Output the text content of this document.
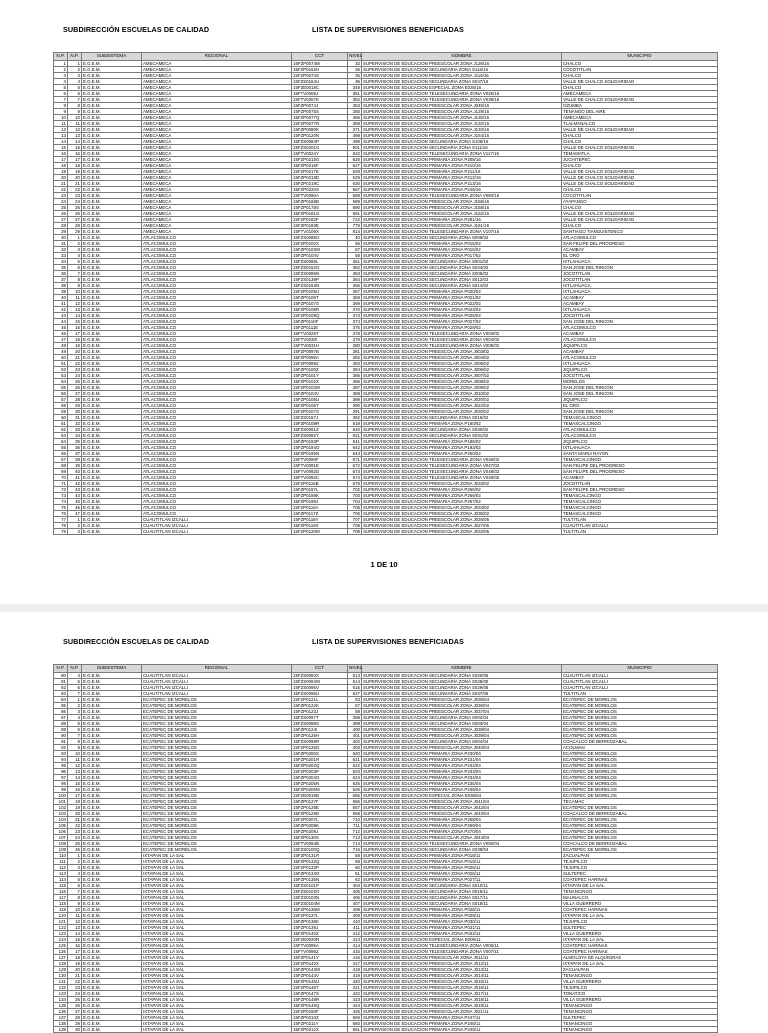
SUBDIRECCIÓN ESCUELAS DE CALIDAD	LISTA DE SUPERVISIONES BENEFICIADAS
N.P.	N.P.	SUBSISTEMA	REGIONAL	CCT	NIVEL	NOMBRE	MUNICIPIO
1	1	E.G.E.M.	AMECAMECA	15FZP0074M	32	SUPERVISION DE EDUCACION PREESCOLAR ZONA J126/16	CHALCO
2	2	E.G.E.M.	AMECAMECA	15FZP0162H	36	SUPERVISION DE EDUCACION SECUNDARIA ZONA S116/16	COCOTITLAN
3	3	E.G.E.M.	AMECAMECA	15FZP0074S	35	SUPERVISION DE EDUCACION PREESCOLAR ZONA J116/16	CHALCO
4	4	E.G.E.M.	AMECAMECA	15FZS0164U	36	SUPERVISION DE EDUCACION SECUNDARIA ZONA S047/16	VALLE DE CHALCO SOLIDARIDAD
5	5	E.G.E.M.	AMECAMECA	15FZE0018C	349	SUPERVISION DE EDUCACION ESPECIAL ZONA E035/16	CHALCO
6	6	E.G.E.M.	AMECAMECA	15FTV0005J	351	SUPERVISION DE EDUCACION TELESECUNDARIA ZONA V026/16	AMECAMECA
7	7	E.G.E.M.	AMECAMECA	15FTV0057K	352	SUPERVISION DE EDUCACION TELESECUNDARIA ZONA V038/16	VALLE DE CHALCO SOLIDARIDAD
8	8	E.G.E.M.	AMECAMECA	15FZP0074J	353	SUPERVISION DE EDUCACION PREESCOLAR ZONA J045/16	OZUMBA
9	9	E.G.E.M.	AMECAMECA	15FZP0075S	355	SUPERVISION DE EDUCACION PREESCOLAR ZONA J129/16	TENANGO DEL AIRE
10	10	E.G.E.M.	AMECAMECA	15FZP0077Q	356	SUPERVISION DE EDUCACION PREESCOLAR ZONA J130/16	AMECAMECA
11	11	E.G.E.M.	AMECAMECA	15FZP0077N	359	SUPERVISION DE EDUCACION PREESCOLAR ZONA J132/16	TLALMANALCO
12	12	E.G.E.M.	AMECAMECA	15FZP0080K	371	SUPERVISION DE EDUCACION PREESCOLAR ZONA J133/16	VALLE DE CHALCO SOLIDARIDAD
13	13	E.G.E.M.	AMECAMECA	15FZP0120N	498	SUPERVISION DE EDUCACION PREESCOLAR ZONA J154/16	CHALCO
14	14	E.G.E.M.	AMECAMECA	15FZS0084P	499	SUPERVISION DE EDUCACION SECUNDARIA ZONA S108/16	CHALCO
15	15	E.G.E.M.	AMECAMECA	15FZS0201G	601	SUPERVISION DE EDUCACION SECUNDARIA ZONA S111/16	VALLE DE CHALCO SOLIDARIDAD
16	16	E.G.E.M.	AMECAMECA	15FTV0024Y	622	SUPERVISION DE EDUCACION TELESECUNDARIA ZONA V117/16	TEMAMATLA
17	17	E.G.E.M.	AMECAMECA	15FZP0215G	626	SUPERVISION DE EDUCACION PRIMARIA ZONA P208/16	JUCHITEPEC
18	18	E.G.E.M.	AMECAMECA	15FZP0216F	627	SUPERVISION DE EDUCACION PRIMARIA ZONA P210/16	CHALCO
19	19	E.G.E.M.	AMECAMECA	15FZP0217E	628	SUPERVISION DE EDUCACION PRIMARIA ZONA P211/16	VALLE DE CHALCO SOLIDARIDAD
20	20	E.G.E.M.	AMECAMECA	15FZP0218D	629	SUPERVISION DE EDUCACION PRIMARIA ZONA P212/16	VALLE DE CHALCO SOLIDARIDAD
21	21	E.G.E.M.	AMECAMECA	15FZP0219C	630	SUPERVISION DE EDUCACION PRIMARIA ZONA P213/16	VALLE DE CHALCO SOLIDARIDAD
22	22	E.G.E.M.	AMECAMECA	15FZP0220S	657	SUPERVISION DE EDUCACION PRIMARIA ZONA P246/16	CHALCO
23	23	E.G.E.M.	AMECAMECA	15FTV0090A	688	SUPERVISION DE EDUCACION TELESECUNDARIA ZONA V060/16	COCOTITLAN
24	24	E.G.E.M.	AMECAMECA	15FZP0168B	689	SUPERVISION DE EDUCACION PREESCOLAR ZONA J156/16	AYAPANGO
25	25	E.G.E.M.	AMECAMECA	15FZP0178S	690	SUPERVISION DE EDUCACION PREESCOLAR ZONA J158/16	CHALCO
26	26	E.G.E.M.	AMECAMECA	15FZP0181G	691	SUPERVISION DE EDUCACION PREESCOLAR ZONA J162/16	VALLE DE CHALCO SOLIDARIDAD
27	27	E.G.E.M.	AMECAMECA	15FZP0182F	722	SUPERVISION DE EDUCACION PRIMARIA ZONA P281/16	VALLE DE CHALCO SOLIDARIDAD
28	28	E.G.E.M.	AMECAMECA	15FZP0183E	779	SUPERVISION DE EDUCACION PREESCOLAR ZONA J161/16	CHALCO
29	29	E.G.E.M.	AMECAMECA	15FTV0109X	814	SUPERVISION DE EDUCACION TELESECUNDARIA ZONA V107/16	SANTIAGO TIANGUISTENCO
30	1	E.G.E.M.	ATLACOMULCO	15FZS0085O	40	SUPERVISION DE EDUCACION SECUNDARIA ZONA S006/02	ATLACOMULCO
31	2	E.G.E.M.	ATLACOMULCO	15FZP0102X	56	SUPERVISION DE EDUCACION PRIMARIA ZONA P015/02	SAN FELIPE DEL PROGRESO
32	3	E.G.E.M.	ATLACOMULCO	15FZP0103W	57	SUPERVISION DE EDUCACION PRIMARIA ZONA P016/02	ACAMBAY
33	4	E.G.E.M.	ATLACOMULCO	15FZP0104V	58	SUPERVISION DE EDUCACION PRIMARIA ZONA P017/02	EL ORO
34	5	E.G.E.M.	ATLACOMULCO	15FZS0088L	361	SUPERVISION DE EDUCACION SECUNDARIA ZONA S001/02	IXTLAHUACA
35	6	E.G.E.M.	ATLACOMULCO	15FZS0152O	362	SUPERVISION DE EDUCACION SECUNDARIA ZONA S044/02	SAN JOSE DEL RINCON
36	7	E.G.E.M.	ATLACOMULCO	15FZS0086N	363	SUPERVISION DE EDUCACION SECUNDARIA ZONA S006/02	JOCOTITLAN
37	8	E.G.E.M.	ATLACOMULCO	15FZS0139P	364	SUPERVISION DE EDUCACION SECUNDARIA ZONA S012/02	JOCOTITLAN
38	9	E.G.E.M.	ATLACOMULCO	15FZS0153N	365	SUPERVISION DE EDUCACION SECUNDARIA ZONA S014/02	IXTLAHUACA
39	10	E.G.E.M.	ATLACOMULCO	15FZP0105U	367	SUPERVISION DE EDUCACION PRIMARIA ZONA P020/02	IXTLAHUACA
40	11	E.G.E.M.	ATLACOMULCO	15FZP0106T	368	SUPERVISION DE EDUCACION PRIMARIA ZONA P021/02	ACAMBAY
41	12	E.G.E.M.	ATLACOMULCO	15FZP0107S	369	SUPERVISION DE EDUCACION PRIMARIA ZONA P022/02	ACAMBAY
42	13	E.G.E.M.	ATLACOMULCO	15FZP0108R	370	SUPERVISION DE EDUCACION PRIMARIA ZONA P023/02	IXTLAHUACA
43	14	E.G.E.M.	ATLACOMULCO	15FZP0109Q	373	SUPERVISION DE EDUCACION PRIMARIA ZONA P026/02	JOCOTITLAN
44	15	E.G.E.M.	ATLACOMULCO	15FZP0110F	374	SUPERVISION DE EDUCACION PRIMARIA ZONA P027/02	SAN JOSE DEL RINCON
45	16	E.G.E.M.	ATLACOMULCO	15FZP0111E	375	SUPERVISION DE EDUCACION PRIMARIA ZONA P029/02	ATLACOMULCO
46	17	E.G.E.M.	ATLACOMULCO	15FTV0029T	378	SUPERVISION DE EDUCACION TELESECUNDARIA ZONA V003/02	ACAMBAY
47	18	E.G.E.M.	ATLACOMULCO	15FTV0030I	379	SUPERVISION DE EDUCACION TELESECUNDARIA ZONA V004/02	ATLACOMULCO
48	19	E.G.E.M.	ATLACOMULCO	15FTV0031H	380	SUPERVISION DE EDUCACION TELESECUNDARIA ZONA V005/02	JIQUIPILCO
49	20	E.G.E.M.	ATLACOMULCO	15FZP0097B	381	SUPERVISION DE EDUCACION PREESCOLAR ZONA J003/02	ACAMBAY
50	21	E.G.E.M.	ATLACOMULCO	15FZP0098A	382	SUPERVISION DE EDUCACION PREESCOLAR ZONA J004/02	ATLACOMULCO
51	22	E.G.E.M.	ATLACOMULCO	15FZP0099Z	383	SUPERVISION DE EDUCACION PREESCOLAR ZONA J005/02	IXTLAHUACA
52	23	E.G.E.M.	ATLACOMULCO	15FZP0100Z	384	SUPERVISION DE EDUCACION PREESCOLAR ZONA J006/02	JIQUIPILCO
53	24	E.G.E.M.	ATLACOMULCO	15FZP0101Y	385	SUPERVISION DE EDUCACION PREESCOLAR ZONA J007/02	JOCOTITLAN
54	25	E.G.E.M.	ATLACOMULCO	15FZP0102X	386	SUPERVISION DE EDUCACION PREESCOLAR ZONA J008/02	MORELOS
55	26	E.G.E.M.	ATLACOMULCO	15FZP0103W	387	SUPERVISION DE EDUCACION PREESCOLAR ZONA J009/02	SAN JOSE DEL RINCON
56	27	E.G.E.M.	ATLACOMULCO	15FZP0104V	388	SUPERVISION DE EDUCACION PREESCOLAR ZONA J010/02	SAN JOSE DEL RINCON
57	28	E.G.E.M.	ATLACOMULCO	15FZP0105U	389	SUPERVISION DE EDUCACION PREESCOLAR ZONA J020/02	JIQUIPILCO
58	29	E.G.E.M.	ATLACOMULCO	15FZP0106T	390	SUPERVISION DE EDUCACION PREESCOLAR ZONA J022/02	EL ORO
59	30	E.G.E.M.	ATLACOMULCO	15FZP0107S	391	SUPERVISION DE EDUCACION PREESCOLAR ZONA J030/02	SAN JOSE DEL RINCON
60	31	E.G.E.M.	ATLACOMULCO	15FZS0157J	392	SUPERVISION DE EDUCACION SECUNDARIA ZONA S016/02	TEMASCALCINGO
61	32	E.G.E.M.	ATLACOMULCO	15FZP0108R	619	SUPERVISION DE EDUCACION PRIMARIA ZONA P160/02	TEMASCALCINGO
62	33	E.G.E.M.	ATLACOMULCO	15FZS0091Z	620	SUPERVISION DE EDUCACION SECUNDARIA ZONA S030/02	ATLACOMULCO
63	34	E.G.E.M.	ATLACOMULCO	15FZS0092Y	621	SUPERVISION DE EDUCACION SECUNDARIA ZONA S031/02	ATLACOMULCO
64	35	E.G.E.M.	ATLACOMULCO	15FZP0193P	641	SUPERVISION DE EDUCACION PRIMARIA ZONA P186/02	JIQUIPILCO
65	36	E.G.E.M.	ATLACOMULCO	15FZP0194O	642	SUPERVISION DE EDUCACION PRIMARIA ZONA P193/02	IXTLAHUACA
66	37	E.G.E.M.	ATLACOMULCO	15FZP0195N	643	SUPERVISION DE EDUCACION PRIMARIA ZONA P250/02	SANTA MARIA RAYON
67	38	E.G.E.M.	ATLACOMULCO	15FTV0090F	671	SUPERVISION DE EDUCACION TELESECUNDARIA ZONA V046/02	TEMASCALCINGO
68	39	E.G.E.M.	ATLACOMULCO	15FTV0091E	672	SUPERVISION DE EDUCACION TELESECUNDARIA ZONA V047/02	SAN FELIPE DEL PROGRESO
69	40	E.G.E.M.	ATLACOMULCO	15FTV0092D	673	SUPERVISION DE EDUCACION TELESECUNDARIA ZONA V048/02	SAN FELIPE DEL PROGRESO
70	41	E.G.E.M.	ATLACOMULCO	15FTV0093C	674	SUPERVISION DE EDUCACION TELESECUNDARIA ZONA V049/02	ACAMBAY
71	42	E.G.E.M.	ATLACOMULCO	15FZP0115B	675	SUPERVISION DE EDUCACION PREESCOLAR ZONA J033/02	JOCOTITLAN
72	43	E.G.E.M.	ATLACOMULCO	15FZP0197L	702	SUPERVISION DE EDUCACION PRIMARIA ZONA P265/02	SAN FELIPE DEL PROGRESO
73	44	E.G.E.M.	ATLACOMULCO	15FZP0198K	703	SUPERVISION DE EDUCACION PRIMARIA ZONA P266/02	TEMASCALCINGO
74	45	E.G.E.M.	ATLACOMULCO	15FZP0199J	704	SUPERVISION DE EDUCACION PRIMARIA ZONA P267/02	TEMASCALCINGO
75	46	E.G.E.M.	ATLACOMULCO	15FZP0116A	705	SUPERVISION DE EDUCACION PREESCOLAR ZONA J034/02	TEMASCALCINGO
76	47	E.G.E.M.	ATLACOMULCO	15FZP0117Z	706	SUPERVISION DE EDUCACION PREESCOLAR ZONA J035/02	TEMASCALCINGO
77	1	E.G.E.M.	CUAUTITLAN IZCALLI	15FZP0118Y	707	SUPERVISION DE EDUCACION PREESCOLAR ZONA J026/05	TULTITLAN
78	2	E.G.E.M.	CUAUTITLAN IZCALLI	15FZP0119X	708	SUPERVISION DE EDUCACION PREESCOLAR ZONA J027/05	CUAUTITLAN IZCALLI
79	3	E.G.E.M.	CUAUTITLAN IZCALLI	15FZP0120M	709	SUPERVISION DE EDUCACION PREESCOLAR ZONA J032/05	TULTITLAN
1 DE 10
SUBDIRECCIÓN ESCUELAS DE CALIDAD	LISTA DE SUPERVISIONES BENEFICIADAS
N.P.	N.P.	SUBSISTEMA	REGIONAL	CCT	NIVEL	NOMBRE	MUNICIPIO
80	4	E.G.E.M.	CUAUTITLAN IZCALLI	15FZS0093X	613	SUPERVISION DE EDUCACION SECUNDARIA ZONA S020/05	CUAUTITLAN IZCALLI
81	5	E.G.E.M.	CUAUTITLAN IZCALLI	15FZS0094W	614	SUPERVISION DE EDUCACION SECUNDARIA ZONA S028/05	CUAUTITLAN IZCALLI
82	6	E.G.E.M.	CUAUTITLAN IZCALLI	15FZS0095V	615	SUPERVISION DE EDUCACION SECUNDARIA ZONA S029/05	CUAUTITLAN IZCALLI
83	7	E.G.E.M.	CUAUTITLAN IZCALLI	15FZS0096U	627	SUPERVISION DE EDUCACION SECUNDARIA ZONA S037/05	TULTITLAN
84	1	E.G.E.M.	ECATEPEC DE MORELOS	15FZP0121L	53	SUPERVISION DE EDUCACION PREESCOLAR ZONA J035/04	ECATEPEC DE MORELOS
85	2	E.G.E.M.	ECATEPEC DE MORELOS	15FZP0122K	57	SUPERVISION DE EDUCACION PREESCOLAR ZONA J036/04	ECATEPEC DE MORELOS
86	3	E.G.E.M.	ECATEPEC DE MORELOS	15FZP0123J	59	SUPERVISION DE EDUCACION PREESCOLAR ZONA J037/04	ECATEPEC DE MORELOS
87	4	E.G.E.M.	ECATEPEC DE MORELOS	15FZS0097T	398	SUPERVISION DE EDUCACION SECUNDARIA ZONA S002/04	ECATEPEC DE MORELOS
88	5	E.G.E.M.	ECATEPEC DE MORELOS	15FZS0098S	399	SUPERVISION DE EDUCACION SECUNDARIA ZONA S003/04	ECATEPEC DE MORELOS
89	6	E.G.E.M.	ECATEPEC DE MORELOS	15FZP0124I	400	SUPERVISION DE EDUCACION PREESCOLAR ZONA J038/04	ECATEPEC DE MORELOS
90	7	E.G.E.M.	ECATEPEC DE MORELOS	15FZP0125H	401	SUPERVISION DE EDUCACION PREESCOLAR ZONA J039/04	ECATEPEC DE MORELOS
91	8	E.G.E.M.	ECATEPEC DE MORELOS	15FZS0099R	402	SUPERVISION DE EDUCACION SECUNDARIA ZONA S004/04	COACALCO DE BERRIOZABAL
92	9	E.G.E.M.	ECATEPEC DE MORELOS	15FZP0126G	403	SUPERVISION DE EDUCACION PREESCOLAR ZONA J040/04	ACOLMAN
93	10	E.G.E.M.	ECATEPEC DE MORELOS	15FZP0200S	620	SUPERVISION DE EDUCACION PRIMARIA ZONA P230/04	ECATEPEC DE MORELOS
94	11	E.G.E.M.	ECATEPEC DE MORELOS	15FZP0201R	621	SUPERVISION DE EDUCACION PRIMARIA ZONA P231/04	ECATEPEC DE MORELOS
95	12	E.G.E.M.	ECATEPEC DE MORELOS	15FZP0202Q	622	SUPERVISION DE EDUCACION PRIMARIA ZONA P232/04	ECATEPEC DE MORELOS
96	13	E.G.E.M.	ECATEPEC DE MORELOS	15FZP0203P	623	SUPERVISION DE EDUCACION PRIMARIA ZONA P233/04	ECATEPEC DE MORELOS
97	14	E.G.E.M.	ECATEPEC DE MORELOS	15FZP0204O	624	SUPERVISION DE EDUCACION PRIMARIA ZONA P234/04	ECATEPEC DE MORELOS
98	15	E.G.E.M.	ECATEPEC DE MORELOS	15FZP0205N	625	SUPERVISION DE EDUCACION PRIMARIA ZONA P235/04	ECATEPEC DE MORELOS
99	16	E.G.E.M.	ECATEPEC DE MORELOS	15FZP0206M	626	SUPERVISION DE EDUCACION PRIMARIA ZONA P236/04	ECATEPEC DE MORELOS
100	17	E.G.E.M.	ECATEPEC DE MORELOS	15FZE0019B	655	SUPERVISION DE EDUCACION ESPECIAL ZONA E036/04	ECATEPEC DE MORELOS
101	18	E.G.E.M.	ECATEPEC DE MORELOS	15FZP0127F	656	SUPERVISION DE EDUCACION PREESCOLAR ZONA J041/04	TECAMAC
102	19	E.G.E.M.	ECATEPEC DE MORELOS	15FZP0128E	657	SUPERVISION DE EDUCACION PREESCOLAR ZONA J042/04	ECATEPEC DE MORELOS
103	20	E.G.E.M.	ECATEPEC DE MORELOS	15FZP0129D	658	SUPERVISION DE EDUCACION PREESCOLAR ZONA J043/04	COACALCO DE BERRIOZABAL
104	21	E.G.E.M.	ECATEPEC DE MORELOS	15FZP0207L	710	SUPERVISION DE EDUCACION PRIMARIA ZONA P268/04	ECATEPEC DE MORELOS
105	22	E.G.E.M.	ECATEPEC DE MORELOS	15FZP0208K	711	SUPERVISION DE EDUCACION PRIMARIA ZONA P269/04	ECATEPEC DE MORELOS
106	23	E.G.E.M.	ECATEPEC DE MORELOS	15FZP0209J	712	SUPERVISION DE EDUCACION PRIMARIA ZONA P270/04	ECATEPEC DE MORELOS
107	24	E.G.E.M.	ECATEPEC DE MORELOS	15FZP0130S	713	SUPERVISION DE EDUCACION PREESCOLAR ZONA J044/04	ECATEPEC DE MORELOS
108	25	E.G.E.M.	ECATEPEC DE MORELOS	15FTV0094B	714	SUPERVISION DE EDUCACION TELESECUNDARIA ZONA V050/04	COACALCO DE BERRIOZABAL
109	26	E.G.E.M.	ECATEPEC DE MORELOS	15FZS0100Q	715	SUPERVISION DE EDUCACION SECUNDARIA ZONA S039/04	ECATEPEC DE MORELOS
110	1	E.G.E.M.	IXTAPAN DE LA SAL	15FZP0131R	58	SUPERVISION DE EDUCACION PRIMARIA ZONA P018/11	ZACUALPAN
111	2	E.G.E.M.	IXTAPAN DE LA SAL	15FZP0132Q	59	SUPERVISION DE EDUCACION PRIMARIA ZONA P019/11	TEJUPILCO
112	3	E.G.E.M.	IXTAPAN DE LA SAL	15FZP0133P	60	SUPERVISION DE EDUCACION PRIMARIA ZONA P025/11	TEJUPILCO
113	4	E.G.E.M.	IXTAPAN DE LA SAL	15FZP0134O	61	SUPERVISION DE EDUCACION PRIMARIA ZONA P026/11	SULTEPEC
114	5	E.G.E.M.	IXTAPAN DE LA SAL	15FZP0135N	62	SUPERVISION DE EDUCACION PRIMARIA ZONA P027/11	COATEPEC HARINAS
115	6	E.G.E.M.	IXTAPAN DE LA SAL	15FZS0101P	404	SUPERVISION DE EDUCACION SECUNDARIA ZONA S010/11	IXTAPAN DE LA SAL
116	7	E.G.E.M.	IXTAPAN DE LA SAL	15FZS0102O	405	SUPERVISION DE EDUCACION SECUNDARIA ZONA S015/11	TENANCINGO
117	8	E.G.E.M.	IXTAPAN DE LA SAL	15FZS0103N	406	SUPERVISION DE EDUCACION SECUNDARIA ZONA S017/11	MALINALCO
118	9	E.G.E.M.	IXTAPAN DE LA SAL	15FZS0104M	407	SUPERVISION DE EDUCACION SECUNDARIA ZONA S018/11	VILLA GUERRERO
119	10	E.G.E.M.	IXTAPAN DE LA SAL	15FZP0136M	408	SUPERVISION DE EDUCACION PRIMARIA ZONA P028/11	COATEPEC HARINAS
120	11	E.G.E.M.	IXTAPAN DE LA SAL	15FZP0137L	409	SUPERVISION DE EDUCACION PRIMARIA ZONA P029/11	IXTAPAN DE LA SAL
121	12	E.G.E.M.	IXTAPAN DE LA SAL	15FZP0138K	410	SUPERVISION DE EDUCACION PRIMARIA ZONA P030/11	TEJUPILCO
122	13	E.G.E.M.	IXTAPAN DE LA SAL	15FZP0139J	411	SUPERVISION DE EDUCACION PRIMARIA ZONA P031/11	SULTEPEC
123	14	E.G.E.M.	IXTAPAN DE LA SAL	15FZP0140Z	412	SUPERVISION DE EDUCACION PRIMARIA ZONA P032/11	VILLA GUERRERO
124	15	E.G.E.M.	IXTAPAN DE LA SAL	15FZE0020R	413	SUPERVISION DE EDUCACION ESPECIAL ZONA E009/11	IXTAPAN DE LA SAL
125	16	E.G.E.M.	IXTAPAN DE LA SAL	15FTV0095A	414	SUPERVISION DE EDUCACION TELESECUNDARIA ZONA V006/11	COATEPEC HARINAS
126	17	E.G.E.M.	IXTAPAN DE LA SAL	15FTV0096Z	415	SUPERVISION DE EDUCACION TELESECUNDARIA ZONA V007/11	COATEPEC HARINAS
127	18	E.G.E.M.	IXTAPAN DE LA SAL	15FZP0141Y	416	SUPERVISION DE EDUCACION PREESCOLAR ZONA J011/11	ALMOLOYA DE ALQUISIRAS
128	19	E.G.E.M.	IXTAPAN DE LA SAL	15FZP0142X	417	SUPERVISION DE EDUCACION PREESCOLAR ZONA J012/11	IXTAPAN DE LA SAL
129	20	E.G.E.M.	IXTAPAN DE LA SAL	15FZP0143W	418	SUPERVISION DE EDUCACION PREESCOLAR ZONA J013/11	ZACUALPAN
130	21	E.G.E.M.	IXTAPAN DE LA SAL	15FZP0144V	419	SUPERVISION DE EDUCACION PREESCOLAR ZONA J014/11	TENANCINGO
131	22	E.G.E.M.	IXTAPAN DE LA SAL	15FZP0145U	420	SUPERVISION DE EDUCACION PREESCOLAR ZONA J015/11	VILLA GUERRERO
132	23	E.G.E.M.	IXTAPAN DE LA SAL	15FZP0146T	421	SUPERVISION DE EDUCACION PREESCOLAR ZONA J016/11	TEJUPILCO
133	24	E.G.E.M.	IXTAPAN DE LA SAL	15FZP0147S	422	SUPERVISION DE EDUCACION PREESCOLAR ZONA J017/11	TONATICO
134	25	E.G.E.M.	IXTAPAN DE LA SAL	15FZP0148R	423	SUPERVISION DE EDUCACION PREESCOLAR ZONA J018/11	VILLA GUERRERO
135	26	E.G.E.M.	IXTAPAN DE LA SAL	15FZP0149Q	424	SUPERVISION DE EDUCACION PREESCOLAR ZONA J019/11	TENANCINGO
136	27	E.G.E.M.	IXTAPAN DE LA SAL	15FZP0150F	425	SUPERVISION DE EDUCACION PREESCOLAR ZONA J021/11	TENANCINGO
137	28	E.G.E.M.	IXTAPAN DE LA SAL	15FZP0210Z	659	SUPERVISION DE EDUCACION PRIMARIA ZONA P247/11	SULTEPEC
138	29	E.G.E.M.	IXTAPAN DE LA SAL	15FZP0211Y	660	SUPERVISION DE EDUCACION PRIMARIA ZONA P248/11	TENANCINGO
139	30	E.G.E.M.	IXTAPAN DE LA SAL	15FZP0212X	661	SUPERVISION DE EDUCACION PRIMARIA ZONA P249/11	TENANCINGO
